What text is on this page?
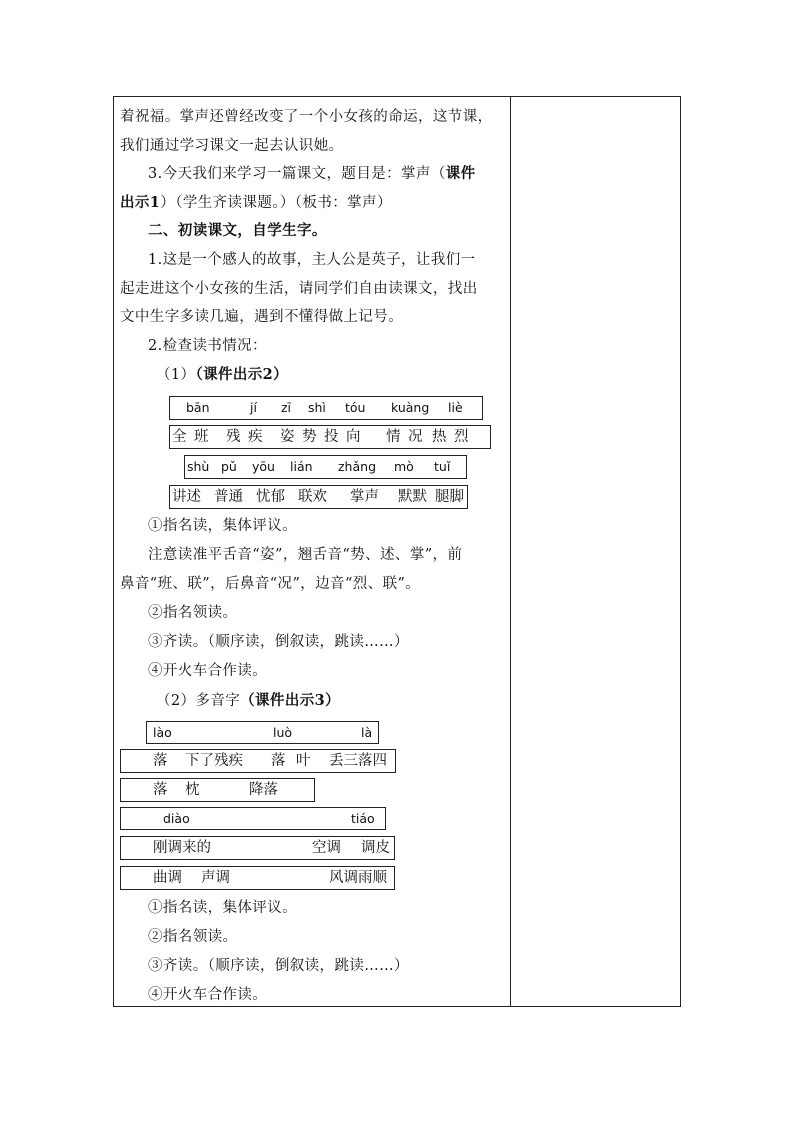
着祝福。掌声还曾经改变了一个小女孩的命运，这节课，
我们通过学习课文一起去认识她。
3.今天我们来学习一篇课文，题目是：掌声（课件
出示1）（学生齐读课题。）（板书：掌声）
二、初读课文，自学生字。
1.这是一个感人的故事，主人公是英子，让我们一
起走进这个小女孩的生活，请同学们自由读课文，找出
文中生字多读几遍，遇到不懂得做上记号。
2.检查读书情况：
（1）（课件出示2）
bān	jí zī shì tóu kuàng liè
全 班 残 疾 姿 势 投 向 情 况 热 烈
shù pǔ yōu lián zhǎng mò tuǐ
讲述 普通 忧郁 联欢 掌声 默默 腿脚
①指名读，集体评议。
注意读准平舌音“姿”，翘舌音“势、述、掌”，前
鼻音“班、联”，后鼻音“况”，边音“烈、联”。
②指名领读。
③齐读。（顺序读，倒叙读，跳读……）
④开火车合作读。
（2）多音字（课件出示3）
lào	luò	là
落 下了残疾 落 叶 丢三落四
落 枕	降落
diào	tiáo
刚调来的	空调 调皮
曲调 声调	风调雨顺
①指名读，集体评议。
②指名领读。
③齐读。（顺序读，倒叙读，跳读……）
④开火车合作读。
